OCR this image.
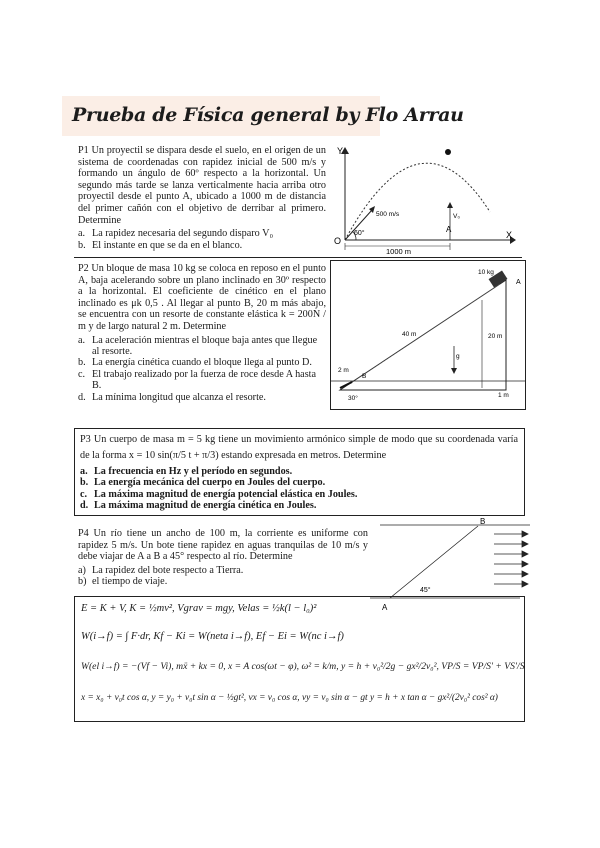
Prueba de Física general by Flo Arrau
P1 Un proyectil se dispara desde el suelo, en el origen de un sistema de coordenadas con rapidez inicial de 500 m/s y formando un ángulo de 60º respecto a la horizontal. Un segundo más tarde se lanza verticalmente hacia arriba otro proyectil desde el punto A, ubicado a 1000 m de distancia del primer cañón con el objetivo de derribar al primero. Determine
a. La rapidez necesaria del segundo disparo V₀
b. El instante en que se da en el blanco.
Y
X
O
500 m/s
60°
V₀
A
1000 m
P2 Un bloque de masa 10 kg se coloca en reposo en el punto A, baja acelerando sobre un plano inclinado en 30º respecto a la horizontal. El coeficiente de cinético en el plano inclinado es μk 0,5 . Al llegar al punto B, 20 m más abajo, se encuentra con un resorte de constante elástica k = 200N / m y de largo natural 2 m. Determine
a. La aceleración mientras el bloque baja antes que llegue al resorte.
b. La energía cinética cuando el bloque llega al punto D.
c. El trabajo realizado por la fuerza de roce desde A hasta B.
d. La mínima longitud que alcanza el resorte.
10 kg
A
40 m	20 m
2 m
B
30°
g
1 m
P3 Un cuerpo de masa m = 5 kg tiene un movimiento armónico simple de modo que su coordenada varía de la forma x = 10 sin(π/5 t + π/3) estando expresada en metros. Determine
a. La frecuencia en Hz y el período en segundos.
b. La energía mecánica del cuerpo en Joules del cuerpo.
c. La máxima magnitud de energía potencial elástica en Joules.
d. La máxima magnitud de energía cinética en Joules.
P4 Un río tiene un ancho de 100 m, la corriente es uniforme con rapidez 5 m/s. Un bote tiene rapidez en aguas tranquilas de 10 m/s y debe viajar de A a B a 45° respecto al río. Determine
a) La rapidez del bote respecto a Tierra.
b) el tiempo de viaje.
B
A
45°
E = K + V, K = ½mv², Vgrav = mgy, Velas = ½k(l − l₀)²
W(i→f) = ∫ F·dr, Kf − Ki = W(neta i→f), Ef − Ei = W(nc i→f)
W(el i→f) = −(Vf − Vi), mẍ + kx = 0, x = A cos(ωt − φ), ω² = k/m, y = h + v₀²/2g − gx²/2v₀², VP/S = VP/S′ + VS′/S
x = x₀ + v₀t cos α, y = y₀ + v₀t sin α − ½gt², vx = v₀ cos α, vy = v₀ sin α − gt y = h + x tan α − gx²/(2v₀² cos² α)
